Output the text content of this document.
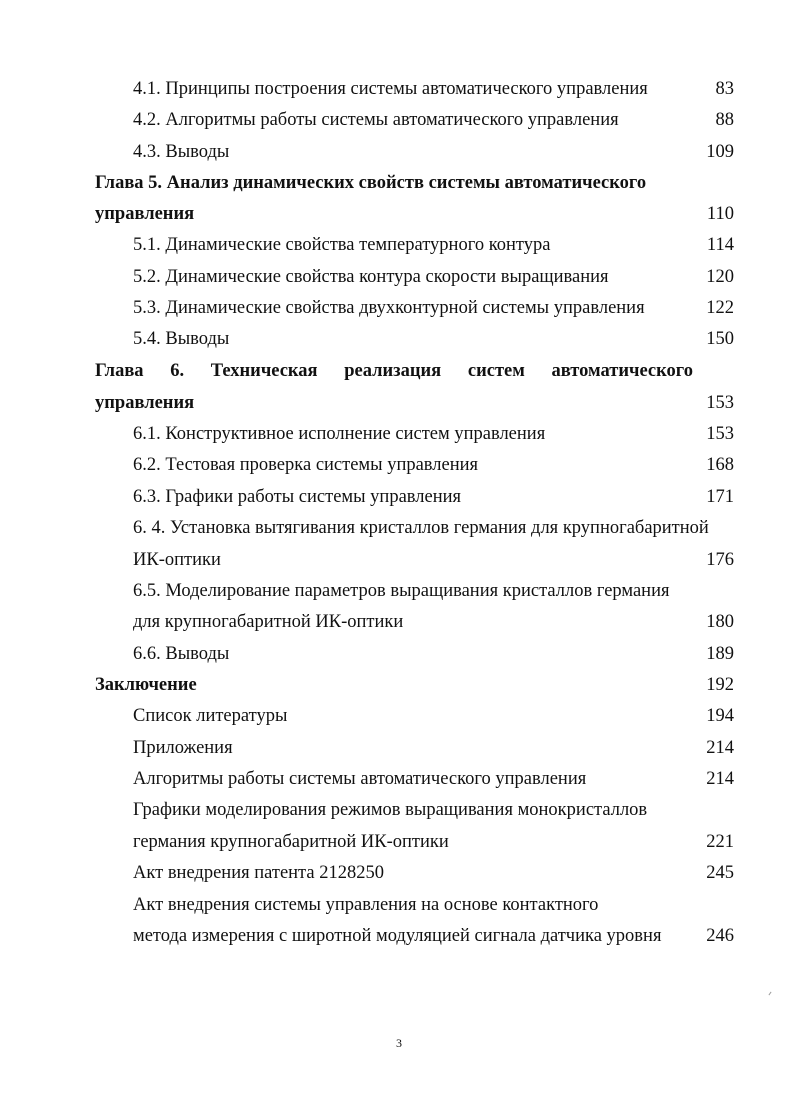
4.1. Принципы построения системы автоматического управления	83
4.2. Алгоритмы работы системы автоматического управления	88
4.3. Выводы	109
Глава 5. Анализ динамических свойств системы автоматического
управления	110
5.1. Динамические свойства температурного контура	114
5.2. Динамические свойства контура скорости выращивания	120
5.3. Динамические свойства двухконтурной системы управления	122
5.4. Выводы	150
Глава 6. Техническая реализация систем автоматического
управления	153
6.1. Конструктивное исполнение систем управления	153
6.2. Тестовая проверка системы управления	168
6.3. Графики работы системы управления	171
6. 4. Установка вытягивания кристаллов германия для крупногабаритной
ИК-оптики	176
6.5. Моделирование параметров выращивания кристаллов германия
для крупногабаритной ИК-оптики	180
6.6. Выводы	189
Заключение	192
Список литературы	194
Приложения	214
Алгоритмы работы системы автоматического управления	214
Графики моделирования режимов выращивания монокристаллов
германия крупногабаритной ИК-оптики	221
Акт внедрения патента 2128250	245
Акт внедрения системы управления на основе контактного
метода измерения с широтной модуляцией сигнала датчика уровня 246
3
